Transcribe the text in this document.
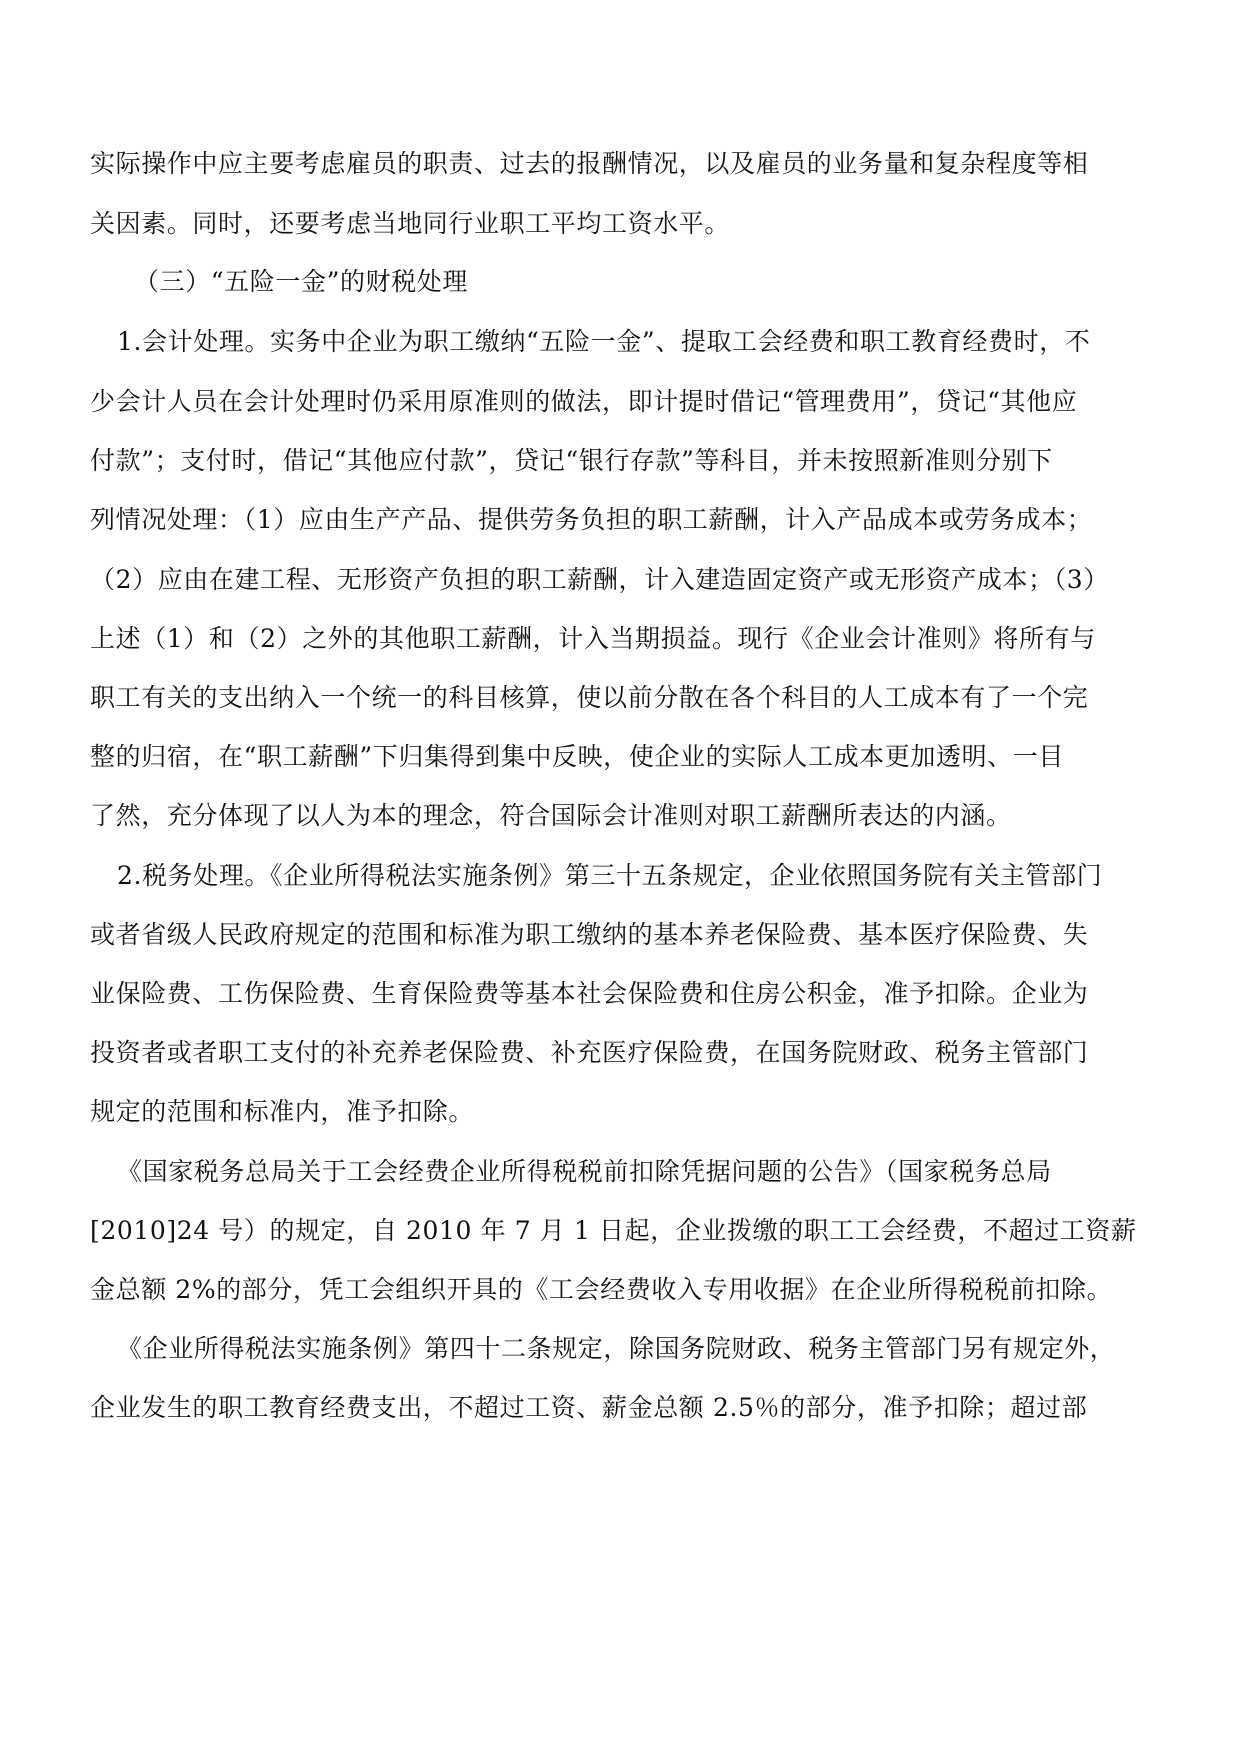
实际操作中应主要考虑雇员的职责、过去的报酬情况，以及雇员的业务量和复杂程度等相
关因素。同时，还要考虑当地同行业职工平均工资水平。
（三）“五险一金”的财税处理
1.会计处理。实务中企业为职工缴纳“五险一金”、提取工会经费和职工教育经费时，不
少会计人员在会计处理时仍采用原准则的做法，即计提时借记“管理费用”，贷记“其他应
付款”；支付时，借记“其他应付款”，贷记“银行存款”等科目，并未按照新准则分别下
列情况处理：（1）应由生产产品、提供劳务负担的职工薪酬，计入产品成本或劳务成本；
（2）应由在建工程、无形资产负担的职工薪酬，计入建造固定资产或无形资产成本；（3）
上述（1）和（2）之外的其他职工薪酬，计入当期损益。现行《企业会计准则》将所有与
职工有关的支出纳入一个统一的科目核算，使以前分散在各个科目的人工成本有了一个完
整的归宿，在“职工薪酬”下归集得到集中反映，使企业的实际人工成本更加透明、一目
了然，充分体现了以人为本的理念，符合国际会计准则对职工薪酬所表达的内涵。
2.税务处理。《企业所得税法实施条例》第三十五条规定，企业依照国务院有关主管部门
或者省级人民政府规定的范围和标准为职工缴纳的基本养老保险费、基本医疗保险费、失
业保险费、工伤保险费、生育保险费等基本社会保险费和住房公积金，准予扣除。企业为
投资者或者职工支付的补充养老保险费、补充医疗保险费，在国务院财政、税务主管部门
规定的范围和标准内，准予扣除。
《国家税务总局关于工会经费企业所得税税前扣除凭据问题的公告》（国家税务总局
[2010]24 号）的规定，自 2010 年 7 月 1 日起，企业拨缴的职工工会经费，不超过工资薪
金总额 2%的部分，凭工会组织开具的《工会经费收入专用收据》在企业所得税税前扣除。
《企业所得税法实施条例》第四十二条规定，除国务院财政、税务主管部门另有规定外，
企业发生的职工教育经费支出，不超过工资、薪金总额 2.5％的部分，准予扣除；超过部
